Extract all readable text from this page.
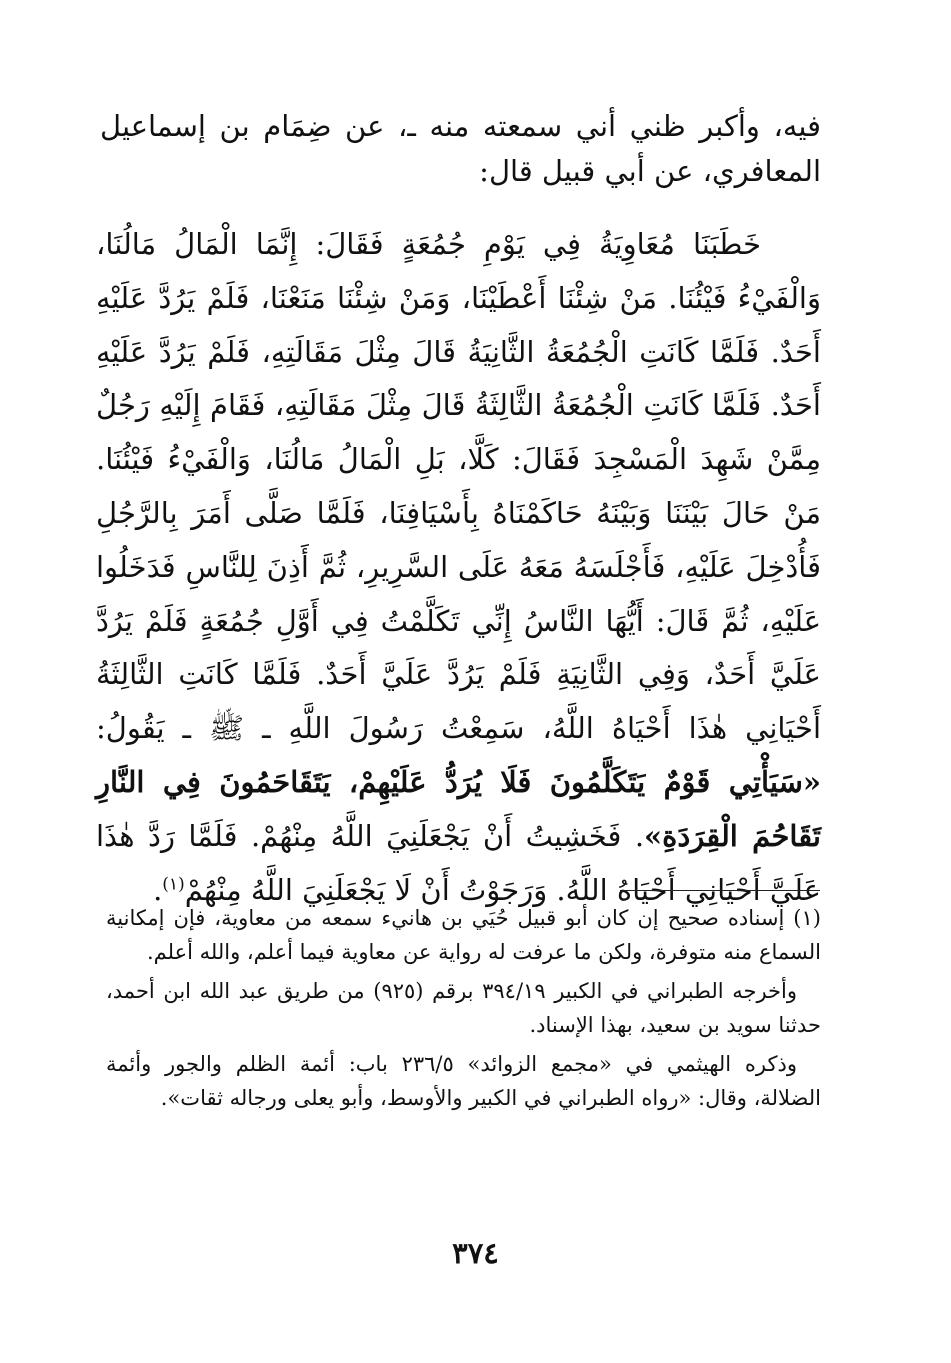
فيه، وأكبر ظني أني سمعته منه ـ، عن ضِمَام بن إسماعيل المعافري، عن أبي قبيل قال:

خَطَبَنَا مُعَاوِيَةُ فِي يَوْمِ جُمُعَةٍ فَقَالَ: إِنَّمَا الْمَالُ مَالُنَا، وَالْفَيْءُ فَيْئُنَا. مَنْ شِئْنَا أَعْطَيْنَا، وَمَنْ شِئْنَا مَنَعْنَا، فَلَمْ يَرُدَّ عَلَيْهِ أَحَدٌ. فَلَمَّا كَانَتِ الْجُمُعَةُ الثَّانِيَةُ قَالَ مِثْلَ مَقَالَتِهِ، فَلَمْ يَرُدَّ عَلَيْهِ أَحَدٌ. فَلَمَّا كَانَتِ الْجُمُعَةُ الثَّالِثَةُ قَالَ مِثْلَ مَقَالَتِهِ، فَقَامَ إِلَيْهِ رَجُلٌ مِمَّنْ شَهِدَ الْمَسْجِدَ فَقَالَ: كَلَّا، بَلِ الْمَالُ مَالُنَا، وَالْفَيْءُ فَيْئُنَا. مَنْ حَالَ بَيْنَنَا وَبَيْنَهُ حَاكَمْنَاهُ بِأَسْيَافِنَا، فَلَمَّا صَلَّى أَمَرَ بِالرَّجُلِ فَأُدْخِلَ عَلَيْهِ، فَأَجْلَسَهُ مَعَهُ عَلَى السَّرِيرِ، ثُمَّ أَذِنَ لِلنَّاسِ فَدَخَلُوا عَلَيْهِ، ثُمَّ قَالَ: أَيُّهَا النَّاسُ إِنِّي تَكَلَّمْتُ فِي أَوَّلِ جُمُعَةٍ فَلَمْ يَرُدَّ عَلَيَّ أَحَدٌ، وَفِي الثَّانِيَةِ فَلَمْ يَرُدَّ عَلَيَّ أَحَدٌ. فَلَمَّا كَانَتِ الثَّالِثَةُ أَحْيَانِي هٰذَا أَحْيَاهُ اللَّهُ، سَمِعْتُ رَسُولَ اللَّهِ ـ ﷺ ـ يَقُولُ: «سَيَأْتِي قَوْمٌ يَتَكَلَّمُونَ فَلَا يُرَدُّ عَلَيْهِمْ، يَتَقَاحَمُونَ فِي النَّارِ تَقَاحُمَ الْقِرَدَةِ». فَخَشِيتُ أَنْ يَجْعَلَنِيَ اللَّهُ مِنْهُمْ. فَلَمَّا رَدَّ هٰذَا عَلَيَّ أَحْيَانِي أَحْيَاهُ اللَّهُ. وَرَجَوْتُ أَنْ لَا يَجْعَلَنِيَ اللَّهُ مِنْهُمْ$^{(١)}$.

(١) إسناده صحيح إن كان أبو قبيل حُيَي بن هانيء سمعه من معاوية، فإن إمكانية السماع منه متوفرة، ولكن ما عرفت له رواية عن معاوية فيما أعلم، والله أعلم.

وأخرجه الطبراني في الكبير ٣٩٤/١٩ برقم (٩٢٥) من طريق عبد الله ابن أحمد، حدثنا سويد بن سعيد، بهذا الإسناد.

وذكره الهيثمي في «مجمع الزوائد» ٢٣٦/٥ باب: أئمة الظلم والجور وأئمة الضلالة، وقال: «رواه الطبراني في الكبير والأوسط، وأبو يعلى ورجاله ثقات».

٣٧٤
